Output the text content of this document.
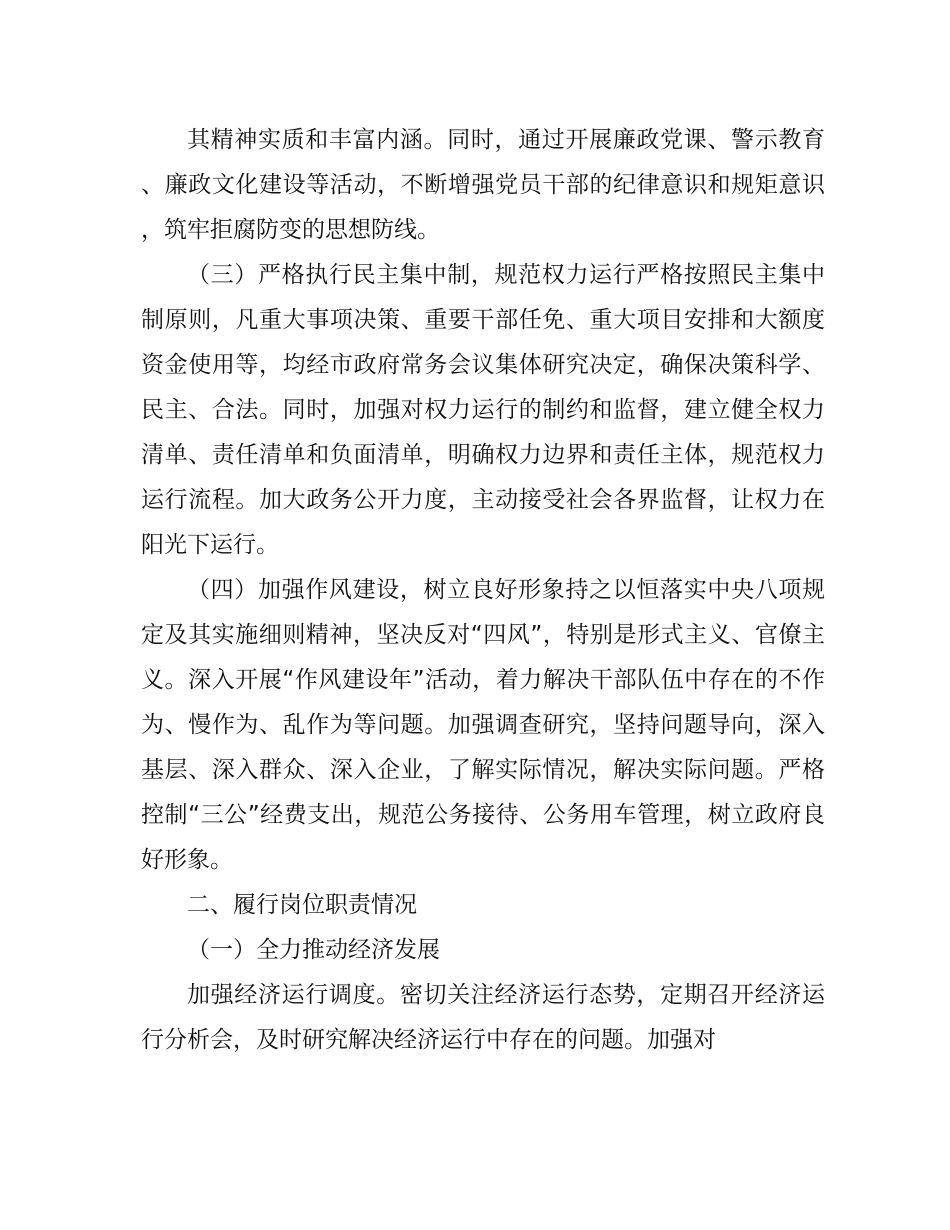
其精神实质和丰富内涵。同时，通过开展廉政党课、警示教育、廉政文化建设等活动，不断增强党员干部的纪律意识和规矩意识，筑牢拒腐防变的思想防线。

（三）严格执行民主集中制，规范权力运行严格按照民主集中制原则，凡重大事项决策、重要干部任免、重大项目安排和大额度资金使用等，均经市政府常务会议集体研究决定，确保决策科学、民主、合法。同时，加强对权力运行的制约和监督，建立健全权力清单、责任清单和负面清单，明确权力边界和责任主体，规范权力运行流程。加大政务公开力度，主动接受社会各界监督，让权力在阳光下运行。

（四）加强作风建设，树立良好形象持之以恒落实中央八项规定及其实施细则精神，坚决反对“四风”，特别是形式主义、官僚主义。深入开展“作风建设年”活动，着力解决干部队伍中存在的不作为、慢作为、乱作为等问题。加强调查研究，坚持问题导向，深入基层、深入群众、深入企业，了解实际情况，解决实际问题。严格控制“三公”经费支出，规范公务接待、公务用车管理，树立政府良好形象。

二、履行岗位职责情况

（一）全力推动经济发展

加强经济运行调度。密切关注经济运行态势，定期召开经济运行分析会，及时研究解决经济运行中存在的问题。加强对
